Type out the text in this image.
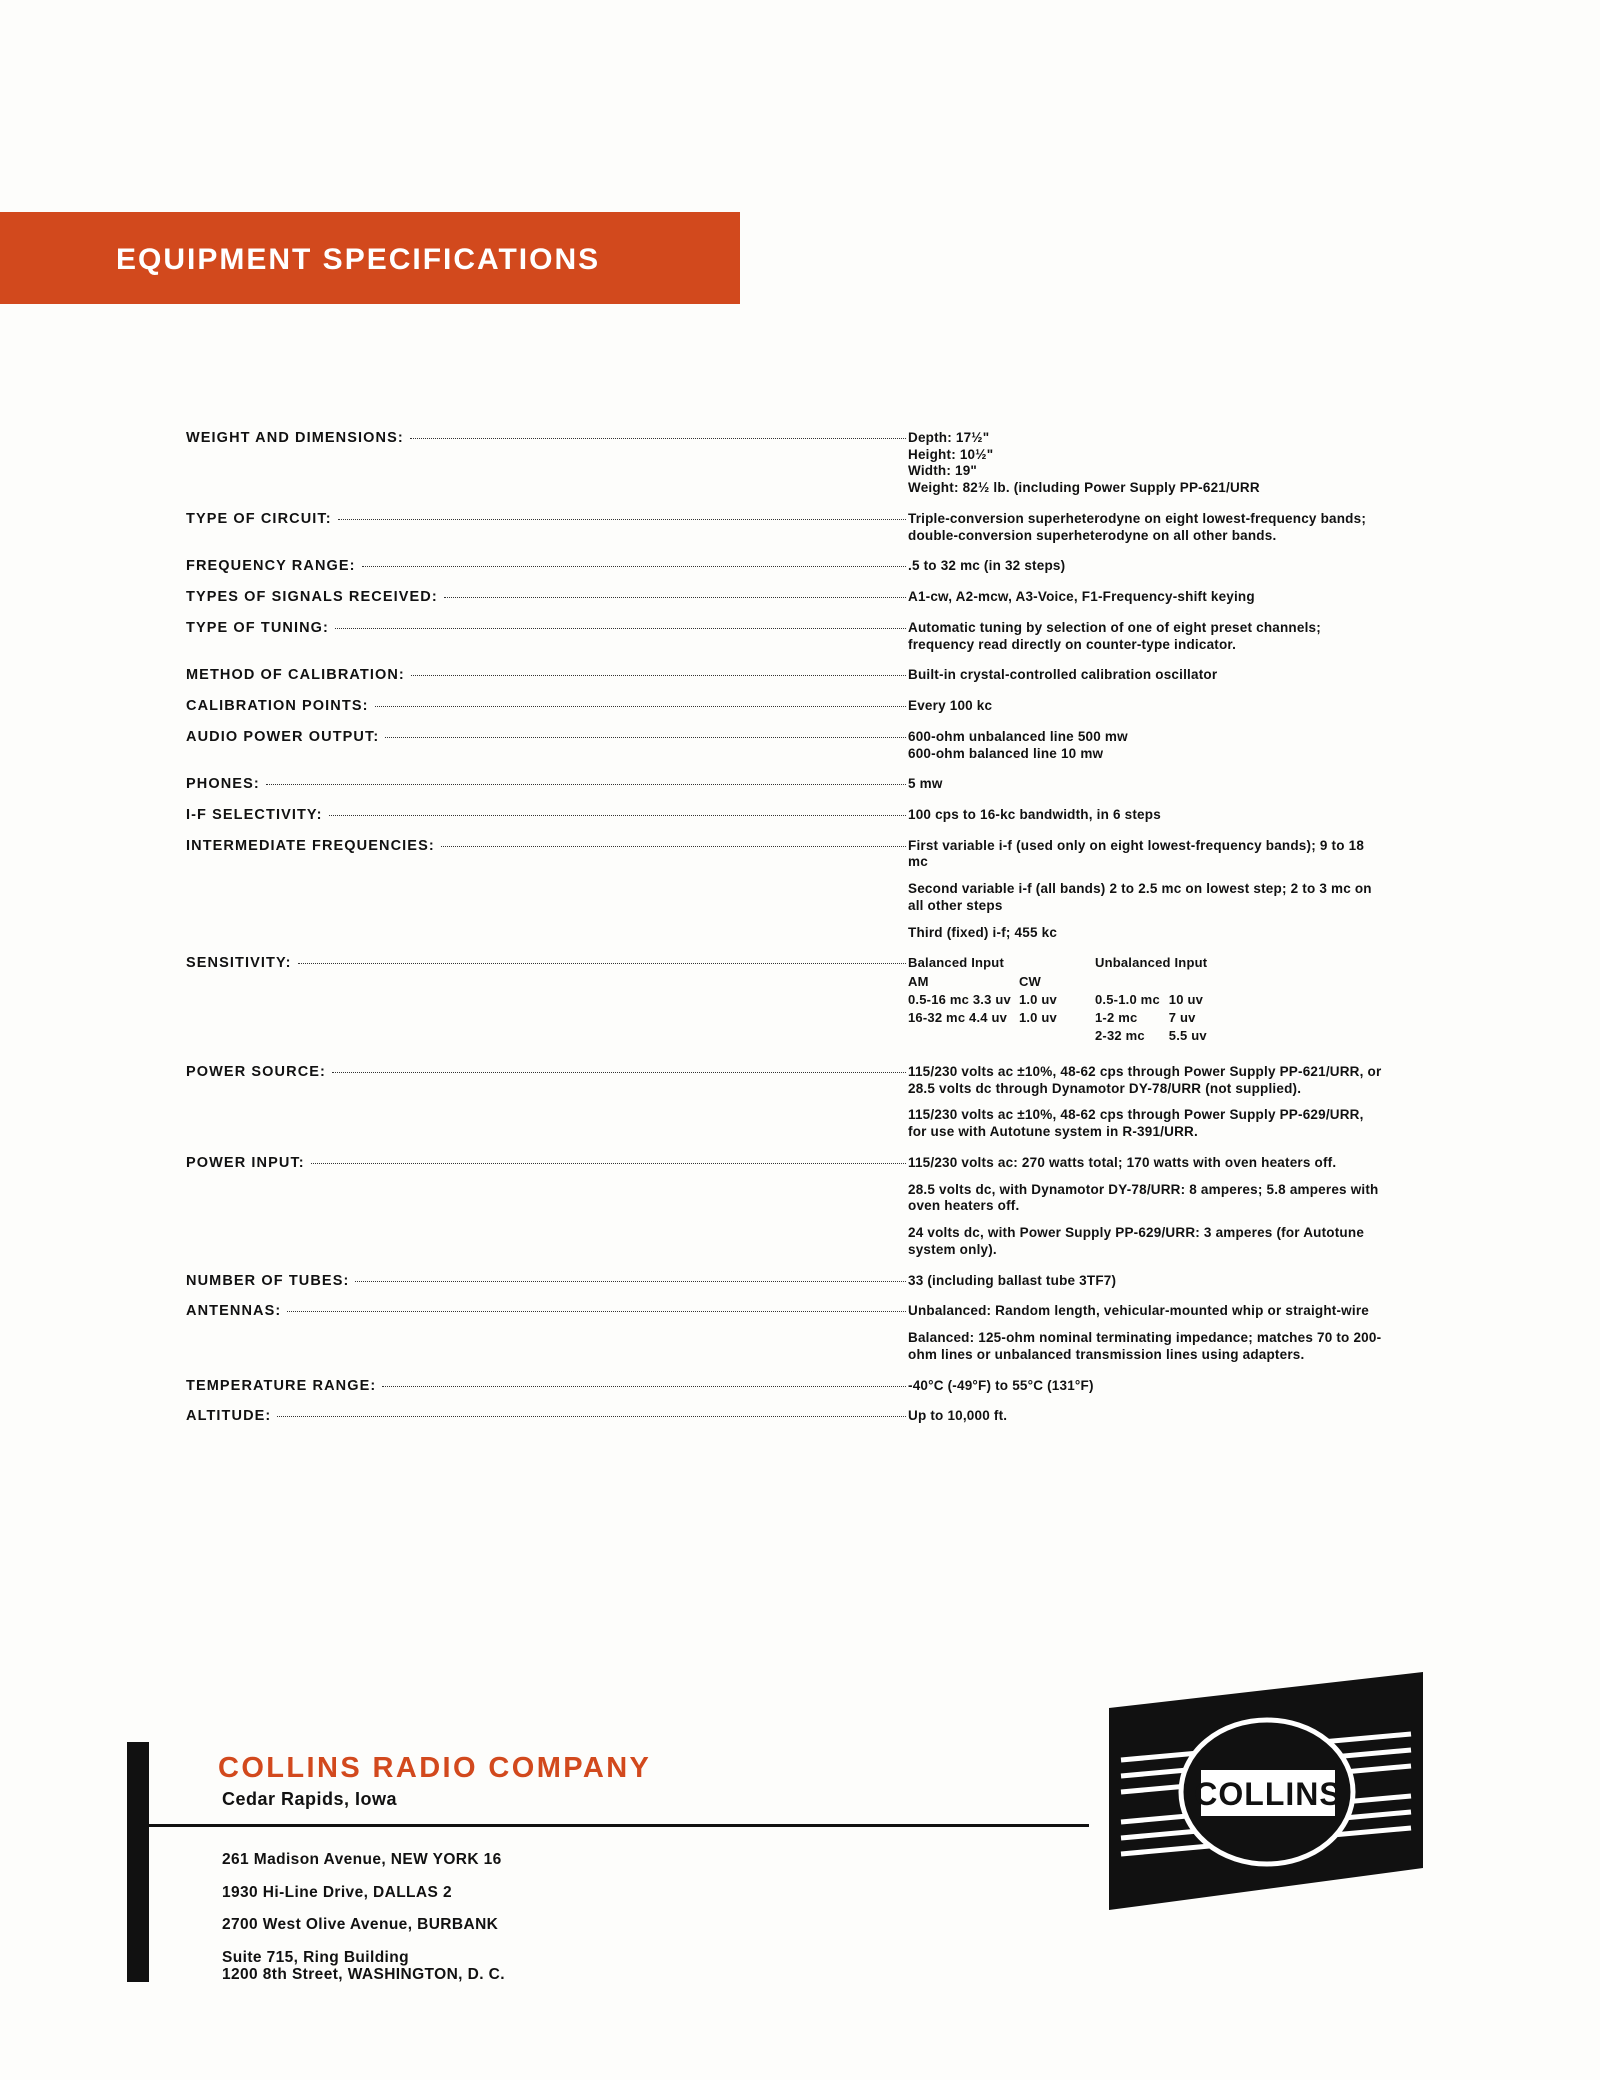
EQUIPMENT SPECIFICATIONS
WEIGHT AND DIMENSIONS:	Depth: 17½"

Height: 10½"

Width: 19"

Weight: 82½ lb. (including Power Supply PP-621/URR

TYPE OF CIRCUIT:	Triple-conversion superheterodyne on eight lowest-frequency bands; double-conversion superheterodyne on all other bands.

FREQUENCY RANGE:	.5 to 32 mc (in 32 steps)

TYPES OF SIGNALS RECEIVED:	A1-cw, A2-mcw, A3-Voice, F1-Frequency-shift keying

TYPE OF TUNING:	Automatic tuning by selection of one of eight preset channels; frequency read directly on counter-type indicator.

METHOD OF CALIBRATION:	Built-in crystal-controlled calibration oscillator

CALIBRATION POINTS:	Every 100 kc

AUDIO POWER OUTPUT:	600-ohm unbalanced line 500 mw

600-ohm balanced line 10 mw

PHONES:	5 mw

I-F SELECTIVITY:	100 cps to 16-kc bandwidth, in 6 steps

INTERMEDIATE FREQUENCIES:	First variable i-f (used only on eight lowest-frequency bands); 9 to 18 mc

Second variable i-f (all bands) 2 to 2.5 mc on lowest step; 2 to 3 mc on all other steps

Third (fixed) i-f; 455 kc

SENSITIVITY:	Balanced Input		Unbalanced Input	
AM	CW		
0.5-16 mc 3.3 uv	1.0 uv	0.5-1.0 mc	10 uv
16-32 mc 4.4 uv	1.0 uv	1-2 mc	7 uv
		2-32 mc	5.5 uv
POWER SOURCE:	115/230 volts ac ±10%, 48-62 cps through Power Supply PP-621/URR, or 28.5 volts dc through Dynamotor DY-78/URR (not supplied).

115/230 volts ac ±10%, 48-62 cps through Power Supply PP-629/URR, for use with Autotune system in R-391/URR.

POWER INPUT:	115/230 volts ac: 270 watts total; 170 watts with oven heaters off.

28.5 volts dc, with Dynamotor DY-78/URR: 8 amperes; 5.8 amperes with oven heaters off.

24 volts dc, with Power Supply PP-629/URR: 3 amperes (for Autotune system only).

NUMBER OF TUBES:	33 (including ballast tube 3TF7)

ANTENNAS:	Unbalanced: Random length, vehicular-mounted whip or straight-wire

Balanced: 125-ohm nominal terminating impedance; matches 70 to 200-ohm lines or unbalanced transmission lines using adapters.

TEMPERATURE RANGE:	-40°C (-49°F) to 55°C (131°F)

ALTITUDE:	Up to 10,000 ft.

COLLINS RADIO COMPANY
Cedar Rapids, Iowa
261 Madison Avenue, NEW YORK 16
1930 Hi-Line Drive, DALLAS 2
2700 West Olive Avenue, BURBANK
Suite 715, Ring Building
1200 8th Street, WASHINGTON, D. C.
COLLINS
